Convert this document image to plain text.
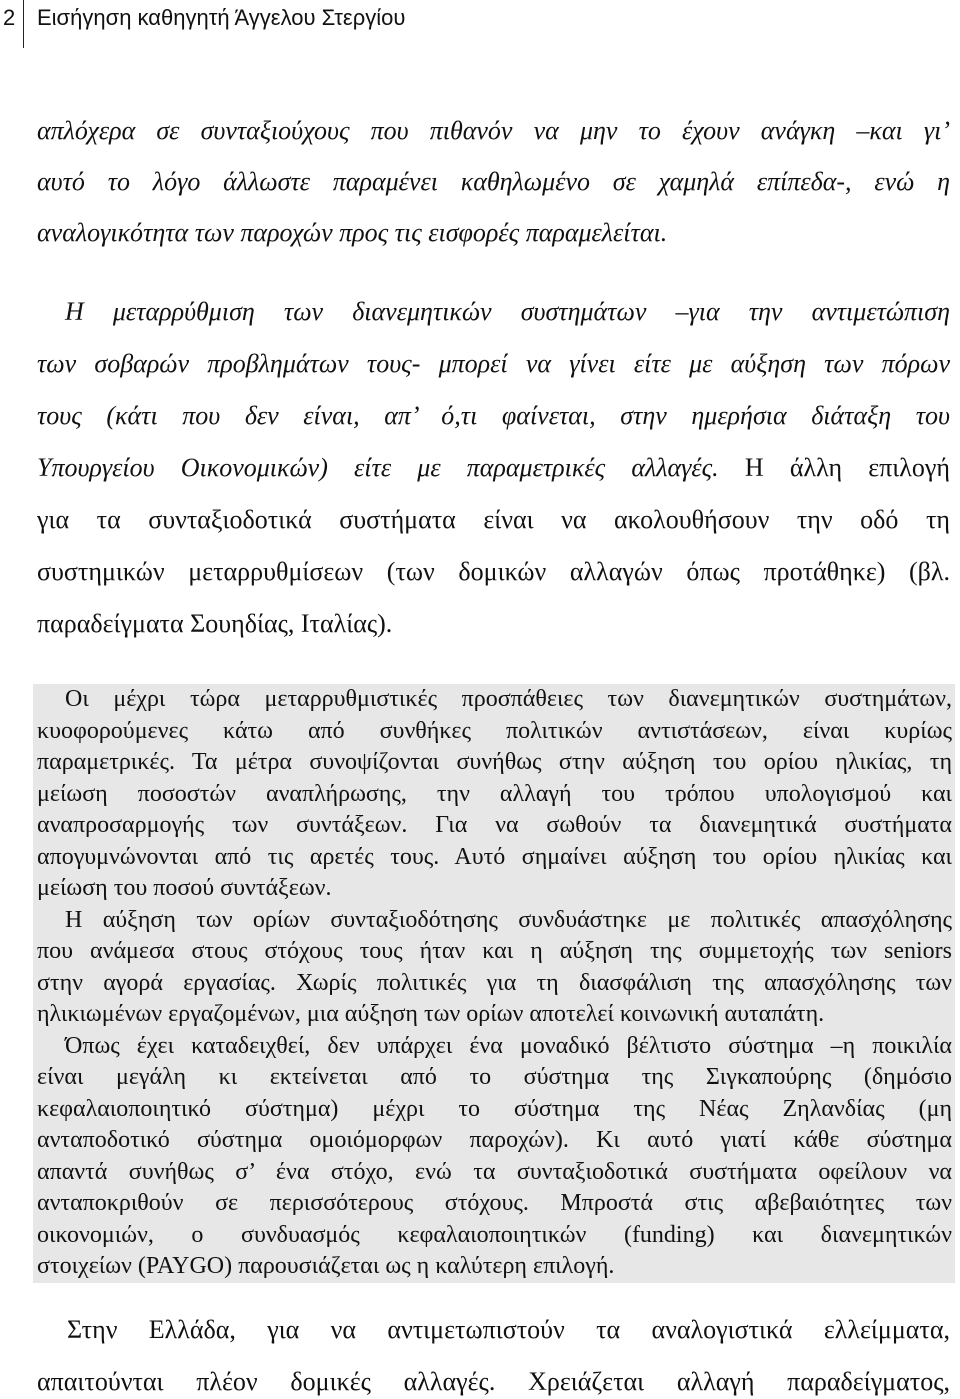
2 Εισήγηση καθηγητή Άγγελου Στεργίου
απλόχερα σε συνταξιούχους που πιθανόν να μην το έχουν ανάγκη –και γι’
αυτό το λόγο άλλωστε παραμένει καθηλωμένο σε χαμηλά επίπεδα-, ενώ η
αναλογικότητα των παροχών προς τις εισφορές παραμελείται.
Η μεταρρύθμιση των διανεμητικών συστημάτων –για την αντιμετώπιση
των σοβαρών προβλημάτων τους- μπορεί να γίνει είτε με αύξηση των πόρων
τους (κάτι που δεν είναι, απ’ ό,τι φαίνεται, στην ημερήσια διάταξη του
Υπουργείου Οικονομικών) είτε με παραμετρικές αλλαγές. Η άλλη επιλογή
για τα συνταξιοδοτικά συστήματα είναι να ακολουθήσουν την οδό τη
συστημικών μεταρρυθμίσεων (των δομικών αλλαγών όπως προτάθηκε) (βλ.
παραδείγματα Σουηδίας, Ιταλίας).
Οι μέχρι τώρα μεταρρυθμιστικές προσπάθειες των διανεμητικών συστημάτων,
κυοφορούμενες κάτω από συνθήκες πολιτικών αντιστάσεων, είναι κυρίως
παραμετρικές. Τα μέτρα συνοψίζονται συνήθως στην αύξηση του ορίου ηλικίας, τη
μείωση ποσοστών αναπλήρωσης, την αλλαγή του τρόπου υπολογισμού και
αναπροσαρμογής των συντάξεων. Για να σωθούν τα διανεμητικά συστήματα
απογυμνώνονται από τις αρετές τους. Αυτό σημαίνει αύξηση του ορίου ηλικίας και
μείωση του ποσού συντάξεων.
Η αύξηση των ορίων συνταξιοδότησης συνδυάστηκε με πολιτικές απασχόλησης
που ανάμεσα στους στόχους τους ήταν και η αύξηση της συμμετοχής των seniors
στην αγορά εργασίας. Χωρίς πολιτικές για τη διασφάλιση της απασχόλησης των
ηλικιωμένων εργαζομένων, μια αύξηση των ορίων αποτελεί κοινωνική αυταπάτη.
Όπως έχει καταδειχθεί, δεν υπάρχει ένα μοναδικό βέλτιστο σύστημα –η ποικιλία
είναι μεγάλη κι εκτείνεται από το σύστημα της Σιγκαπούρης (δημόσιο
κεφαλαιοποιητικό σύστημα) μέχρι το σύστημα της Νέας Ζηλανδίας (μη
ανταποδοτικό σύστημα ομοιόμορφων παροχών). Κι αυτό γιατί κάθε σύστημα
απαντά συνήθως σ’ ένα στόχο, ενώ τα συνταξιοδοτικά συστήματα οφείλουν να
ανταποκριθούν σε περισσότερους στόχους. Μπροστά στις αβεβαιότητες των
οικονομιών, ο συνδυασμός κεφαλαιοποιητικών (funding) και διανεμητικών
στοιχείων (PAYGO) παρουσιάζεται ως η καλύτερη επιλογή.
Στην Ελλάδα, για να αντιμετωπιστούν τα αναλογιστικά ελλείμματα,
απαιτούνται πλέον δομικές αλλαγές. Χρειάζεται αλλαγή παραδείγματος,
